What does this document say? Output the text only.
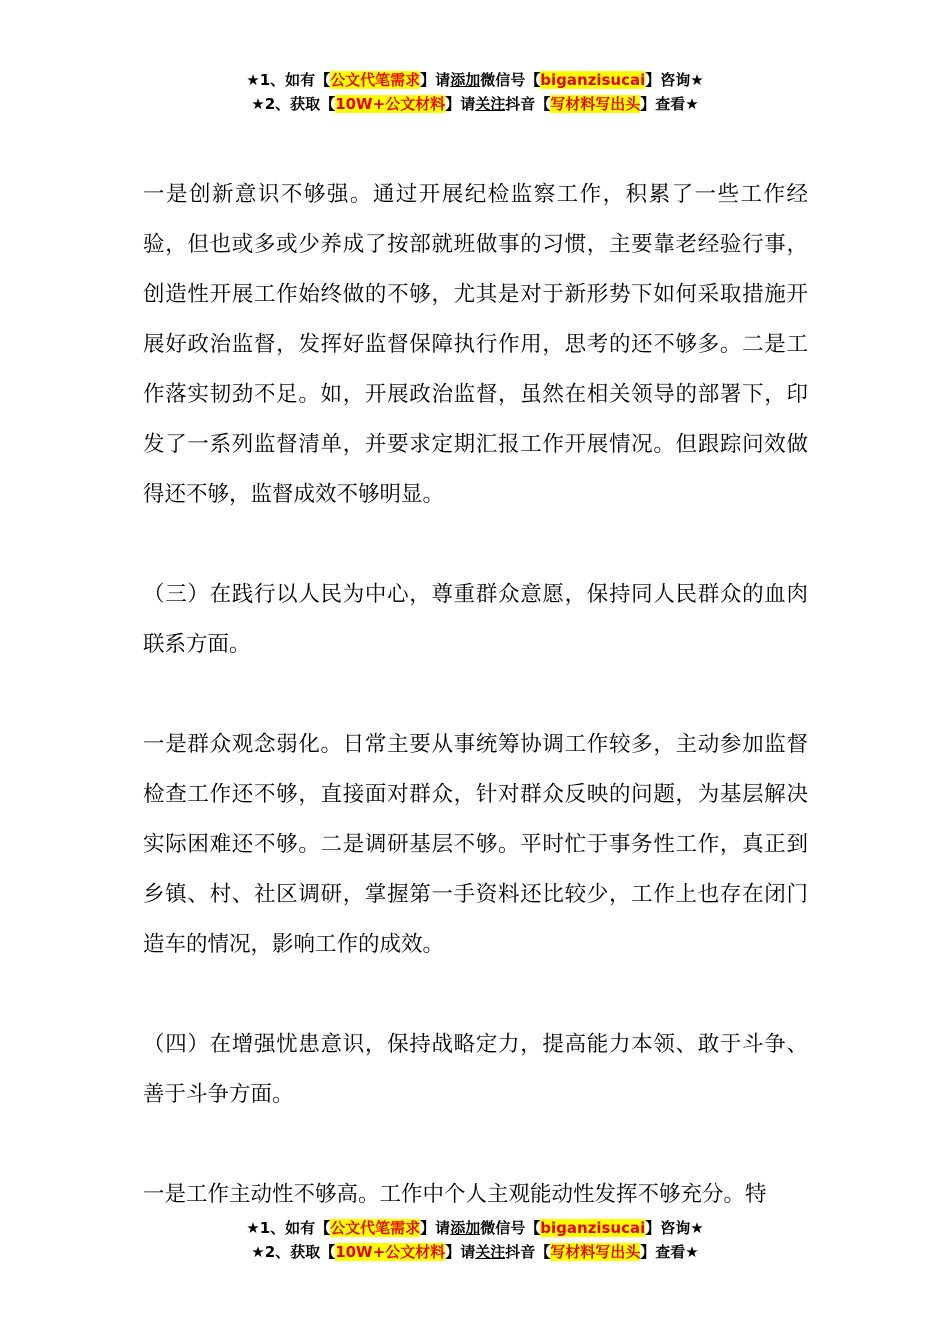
★1、如有【公文代笔需求】请添加微信号【biganzisucai】咨询★
★2、获取【10W+公文材料】请关注抖音【写材料写出头】查看★

一是创新意识不够强。通过开展纪检监察工作，积累了一些工作经验，但也或多或少养成了按部就班做事的习惯，主要靠老经验行事，创造性开展工作始终做的不够，尤其是对于新形势下如何采取措施开展好政治监督，发挥好监督保障执行作用，思考的还不够多。二是工作落实韧劲不足。如，开展政治监督，虽然在相关领导的部署下，印发了一系列监督清单，并要求定期汇报工作开展情况。但跟踪问效做得还不够，监督成效不够明显。

（三）在践行以人民为中心，尊重群众意愿，保持同人民群众的血肉联系方面。

一是群众观念弱化。日常主要从事统筹协调工作较多，主动参加监督检查工作还不够，直接面对群众，针对群众反映的问题，为基层解决实际困难还不够。二是调研基层不够。平时忙于事务性工作，真正到乡镇、村、社区调研，掌握第一手资料还比较少，工作上也存在闭门造车的情况，影响工作的成效。

（四）在增强忧患意识，保持战略定力，提高能力本领、敢于斗争、善于斗争方面。

一是工作主动性不够高。工作中个人主观能动性发挥不够充分。特

★1、如有【公文代笔需求】请添加微信号【biganzisucai】咨询★
★2、获取【10W+公文材料】请关注抖音【写材料写出头】查看★
